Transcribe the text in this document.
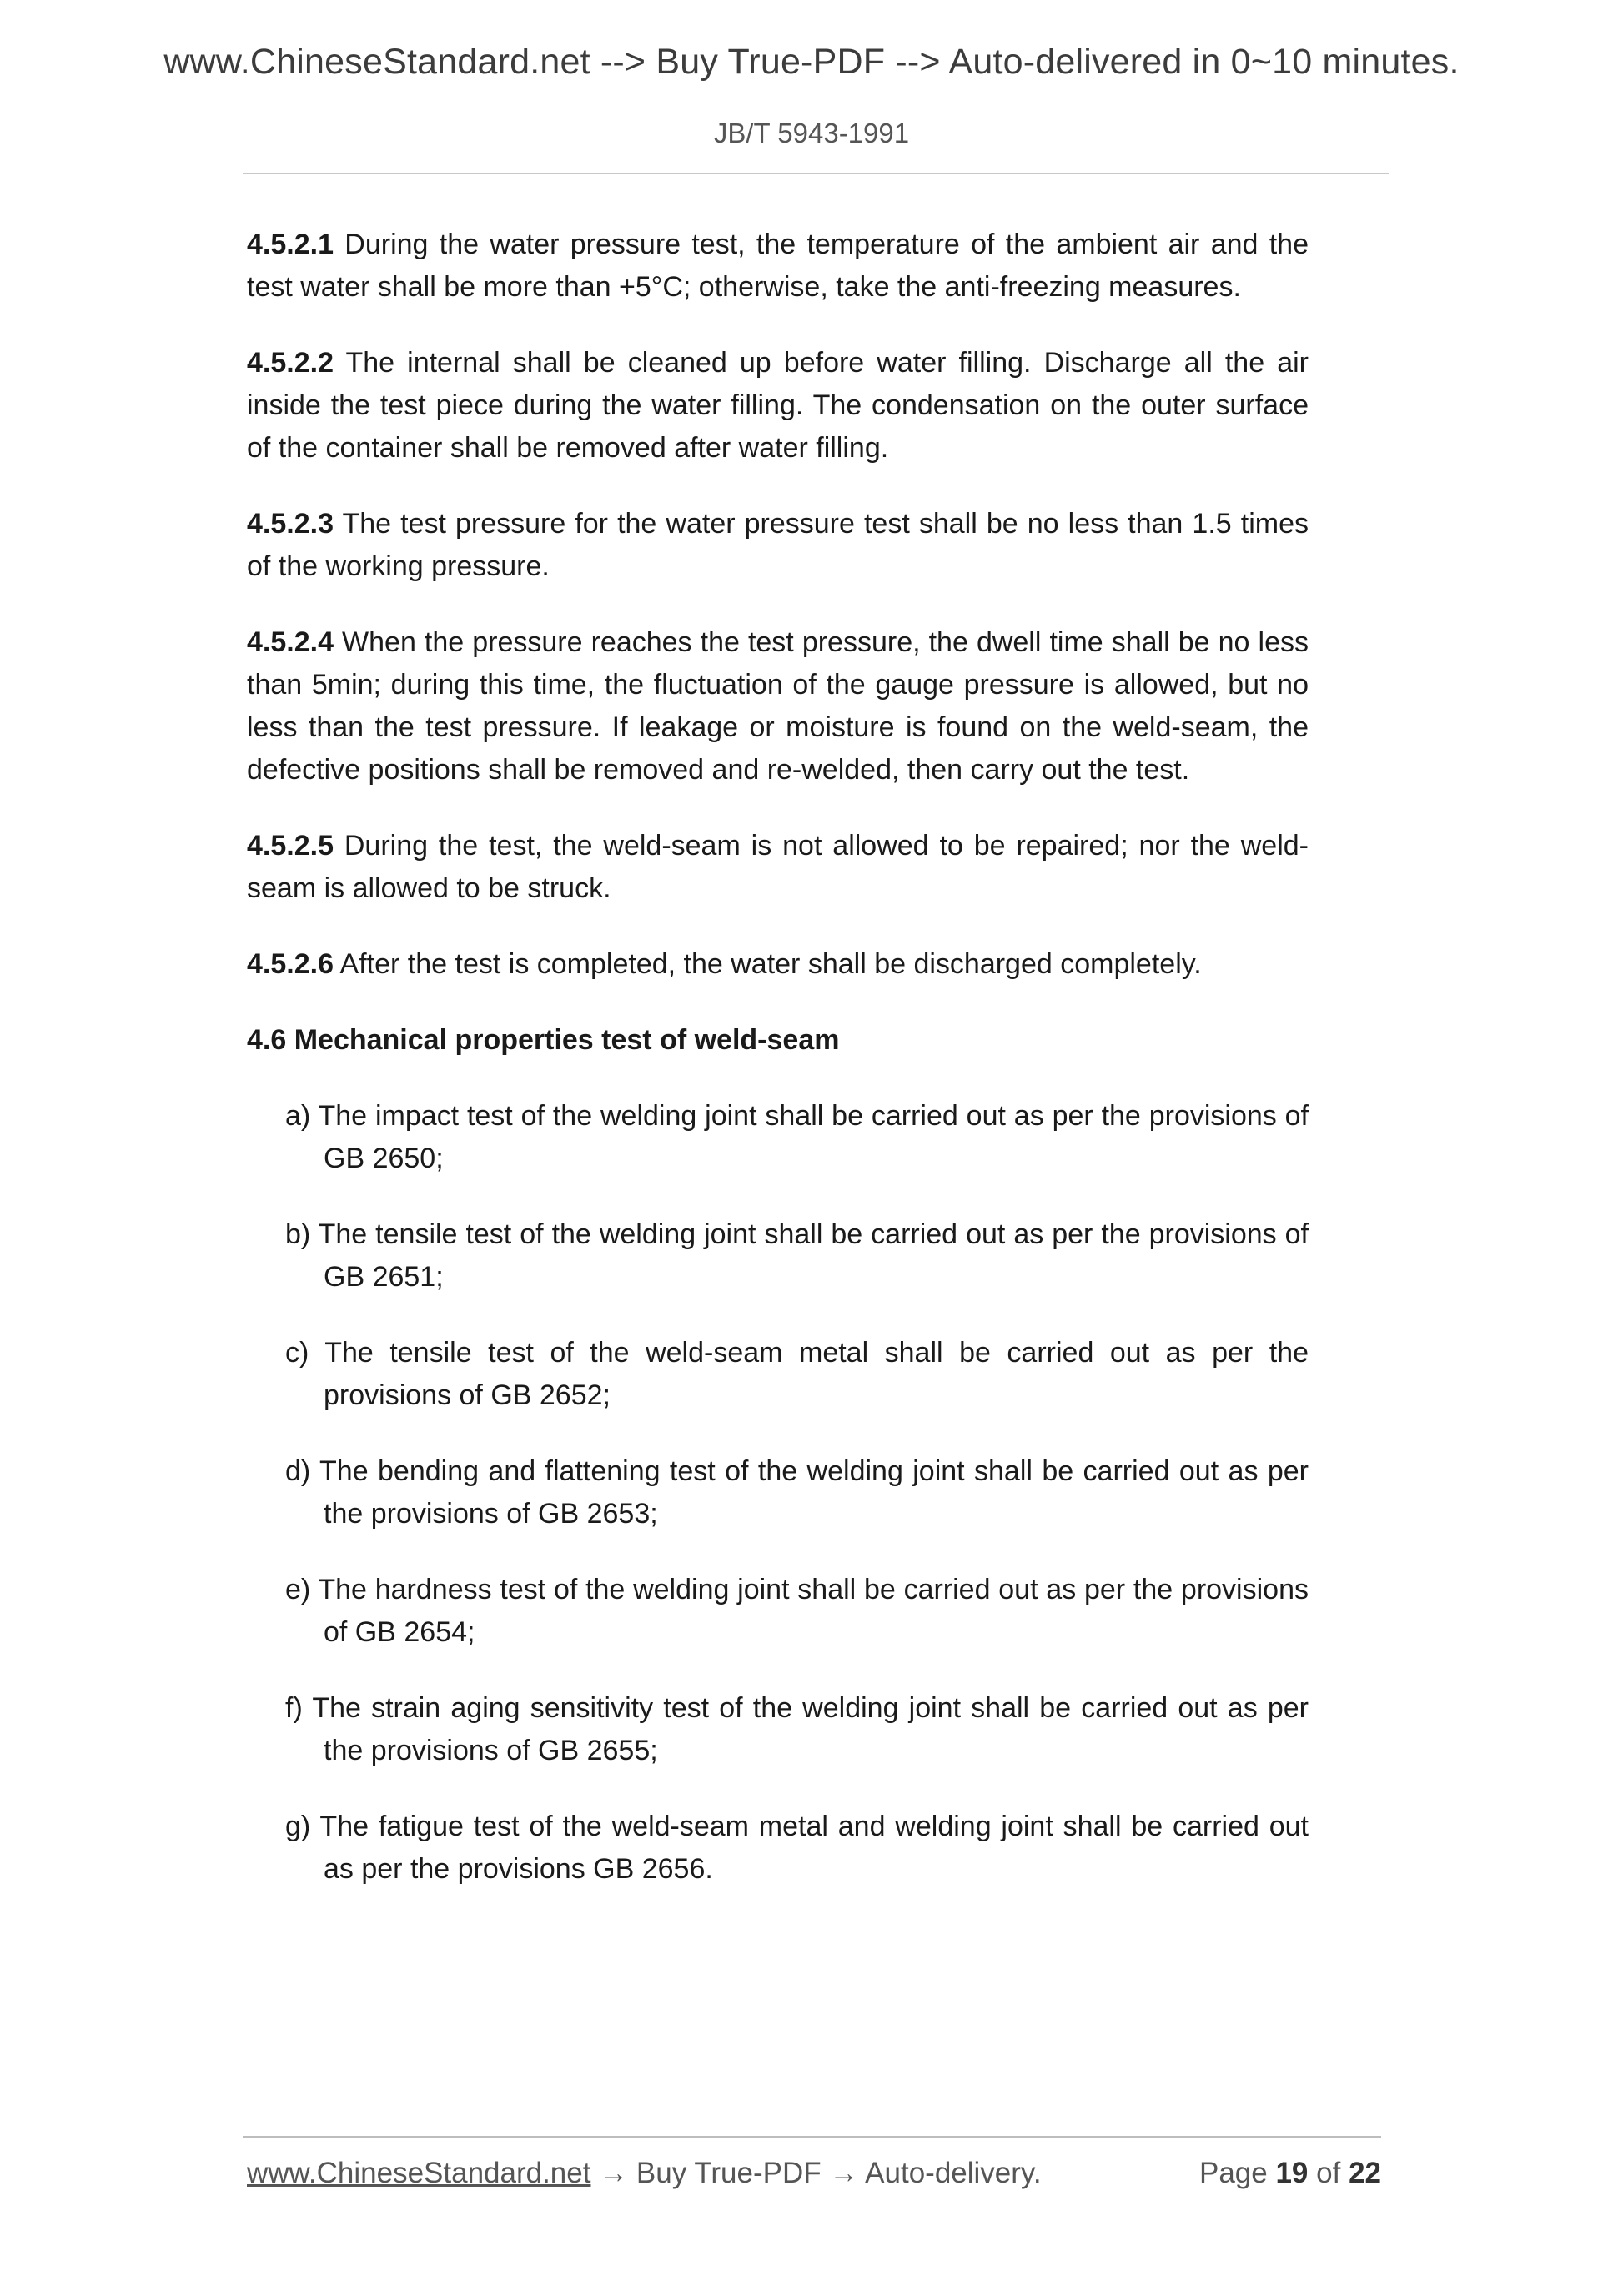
www.ChineseStandard.net --> Buy True-PDF --> Auto-delivered in 0~10 minutes.
JB/T 5943-1991

4.5.2.1 During the water pressure test, the temperature of the ambient air and the test water shall be more than +5°C; otherwise, take the anti-freezing measures.

4.5.2.2 The internal shall be cleaned up before water filling. Discharge all the air inside the test piece during the water filling. The condensation on the outer surface of the container shall be removed after water filling.

4.5.2.3 The test pressure for the water pressure test shall be no less than 1.5 times of the working pressure.

4.5.2.4 When the pressure reaches the test pressure, the dwell time shall be no less than 5min; during this time, the fluctuation of the gauge pressure is allowed, but no less than the test pressure. If leakage or moisture is found on the weld-seam, the defective positions shall be removed and re-welded, then carry out the test.

4.5.2.5 During the test, the weld-seam is not allowed to be repaired; nor the weld-seam is allowed to be struck.

4.5.2.6 After the test is completed, the water shall be discharged completely.

4.6 Mechanical properties test of weld-seam

a) The impact test of the welding joint shall be carried out as per the provisions of GB 2650;
b) The tensile test of the welding joint shall be carried out as per the provisions of GB 2651;
c) The tensile test of the weld-seam metal shall be carried out as per the provisions of GB 2652;
d) The bending and flattening test of the welding joint shall be carried out as per the provisions of GB 2653;
e) The hardness test of the welding joint shall be carried out as per the provisions of GB 2654;
f) The strain aging sensitivity test of the welding joint shall be carried out as per the provisions of GB 2655;
g) The fatigue test of the weld-seam metal and welding joint shall be carried out as per the provisions GB 2656.
www.ChineseStandard.net → Buy True-PDF → Auto-delivery.	Page 19 of 22
